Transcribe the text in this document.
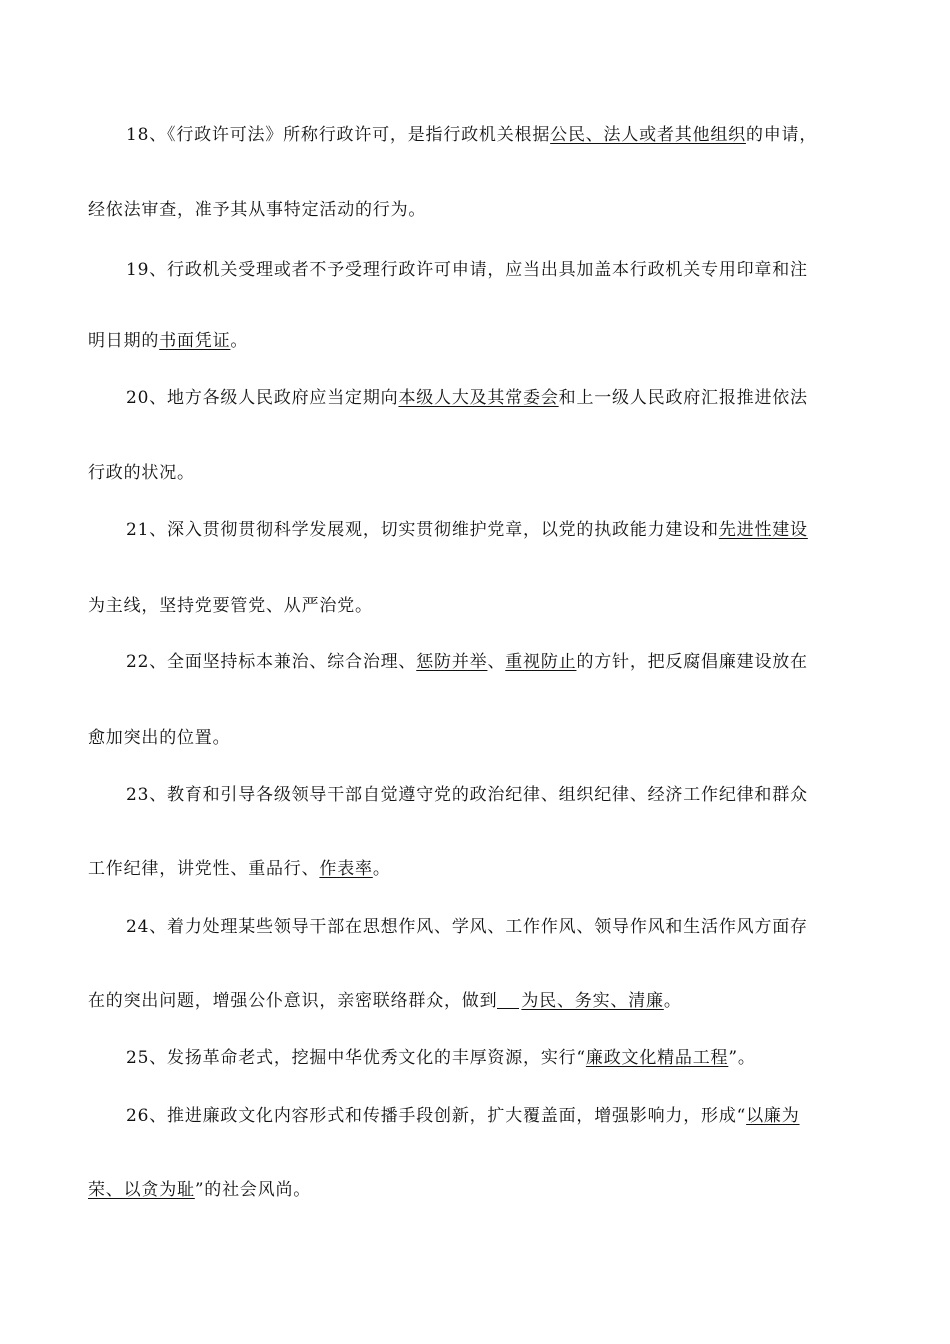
18、《行政许可法》所称行政许可，是指行政机关根据公民、法人或者其他组织的申请，
经依法审查，准予其从事特定活动的行为。
19、行政机关受理或者不予受理行政许可申请，应当出具加盖本行政机关专用印章和注
明日期的书面凭证。
20、地方各级人民政府应当定期向本级人大及其常委会和上一级人民政府汇报推进依法
行政的状况。
21、深入贯彻贯彻科学发展观，切实贯彻维护党章，以党的执政能力建设和先进性建设
为主线，坚持党要管党、从严治党。
22、全面坚持标本兼治、综合治理、惩防并举、重视防止的方针，把反腐倡廉建设放在
愈加突出的位置。
23、教育和引导各级领导干部自觉遵守党的政治纪律、组织纪律、经济工作纪律和群众
工作纪律，讲党性、重品行、作表率。
24、着力处理某些领导干部在思想作风、学风、工作作风、领导作风和生活作风方面存
在的突出问题，增强公仆意识，亲密联络群众，做到 为民、务实、清廉。
25、发扬革命老式，挖掘中华优秀文化的丰厚资源，实行“廉政文化精品工程”。
26、推进廉政文化内容形式和传播手段创新，扩大覆盖面，增强影响力，形成“以廉为
荣、以贪为耻”的社会风尚。
